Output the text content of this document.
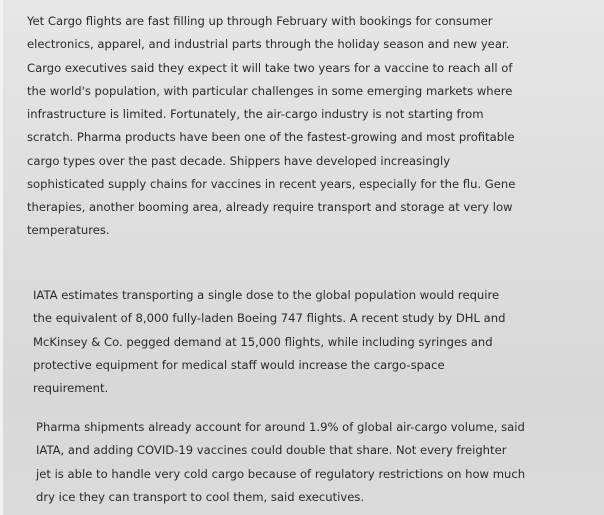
Yet Cargo flights are fast filling up through February with bookings for consumer
electronics, apparel, and industrial parts through the holiday season and new year.
Cargo executives said they expect it will take two years for a vaccine to reach all of
the world's population, with particular challenges in some emerging markets where
infrastructure is limited. Fortunately, the air-cargo industry is not starting from
scratch. Pharma products have been one of the fastest-growing and most profitable
cargo types over the past decade. Shippers have developed increasingly
sophisticated supply chains for vaccines in recent years, especially for the flu. Gene
therapies, another booming area, already require transport and storage at very low
temperatures.

IATA estimates transporting a single dose to the global population would require
the equivalent of 8,000 fully-laden Boeing 747 flights. A recent study by DHL and
McKinsey & Co. pegged demand at 15,000 flights, while including syringes and
protective equipment for medical staff would increase the cargo-space
requirement.

Pharma shipments already account for around 1.9% of global air-cargo volume, said
IATA, and adding COVID-19 vaccines could double that share. Not every freighter
jet is able to handle very cold cargo because of regulatory restrictions on how much
dry ice they can transport to cool them, said executives.
